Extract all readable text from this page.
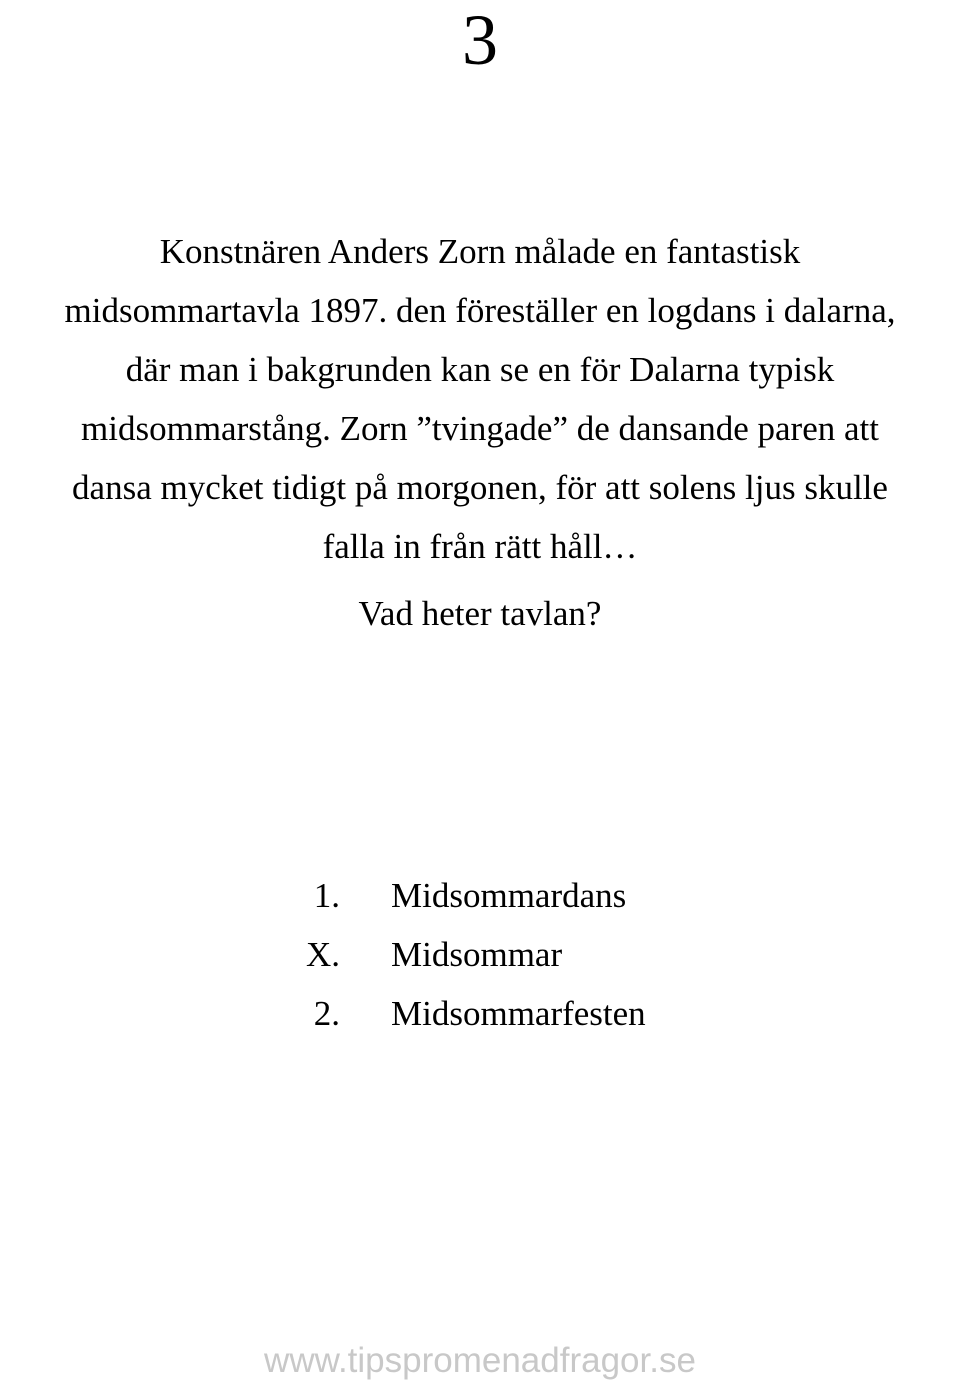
3
Konstnären Anders Zorn målade en fantastisk
midsommartavla 1897. den föreställer en logdans i dalarna,
där man i bakgrunden kan se en för Dalarna typisk
midsommarstång. Zorn ”tvingade” de dansande paren att
dansa mycket tidigt på morgonen, för att solens ljus skulle
falla in från rätt håll…
Vad heter tavlan?
1. Midsommardans
X. Midsommar
2. Midsommarfesten
www.tipspromenadfragor.se
